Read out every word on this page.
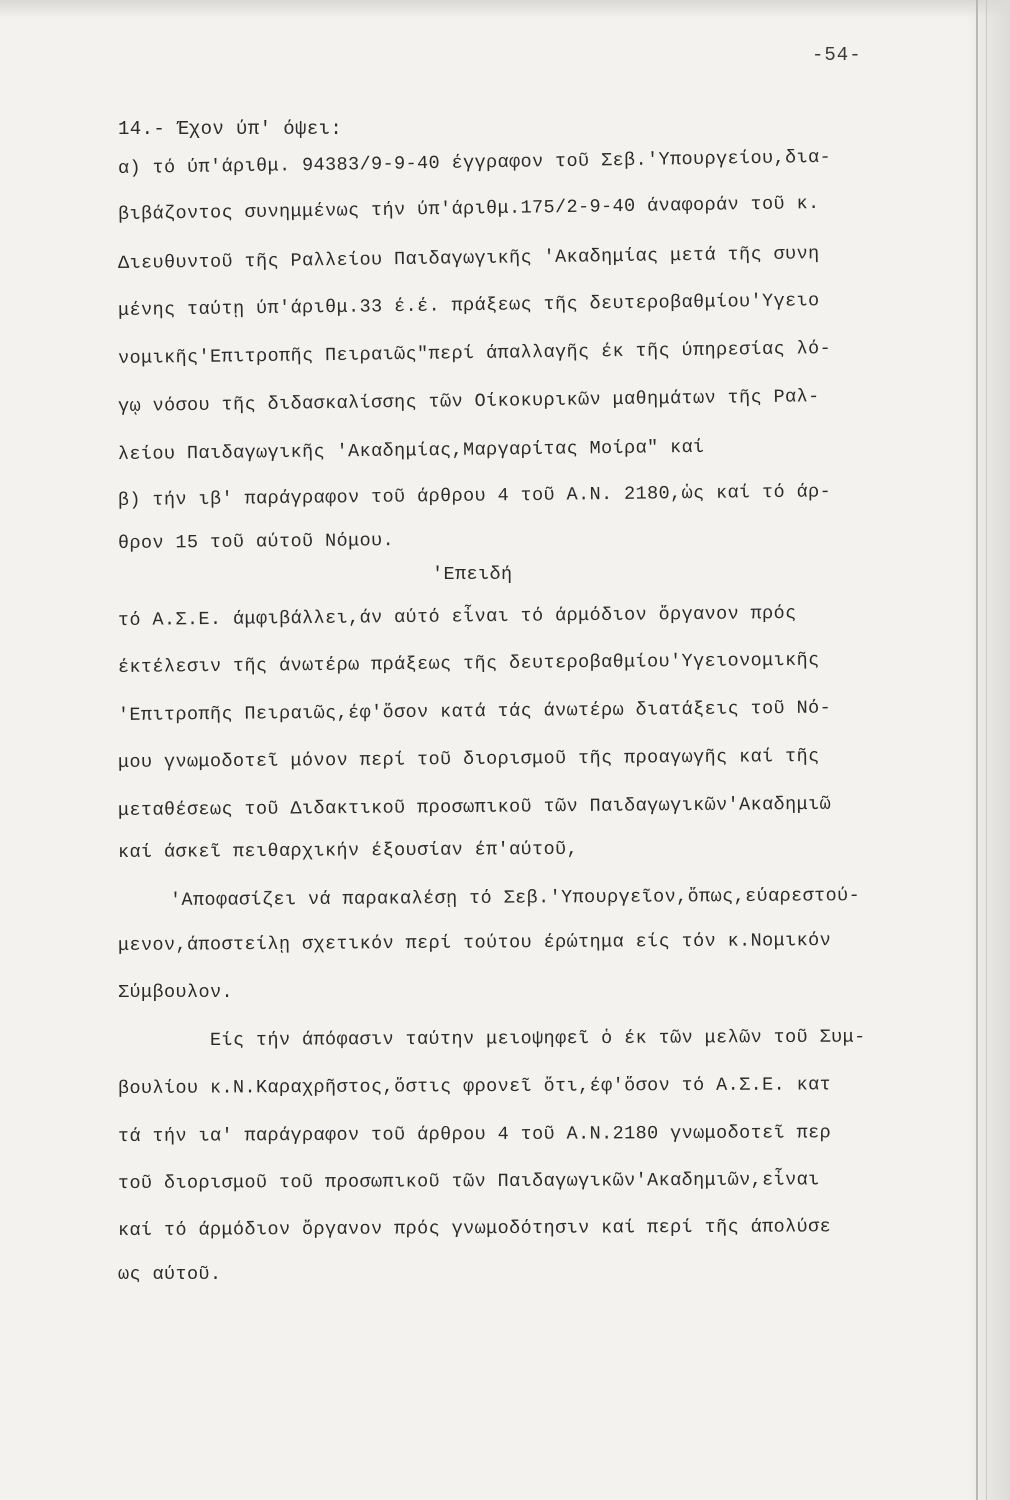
-54-
14.- Έχον ύπ' όψει:
α) τό ύπ'άριθμ. 94383/9-9-40 έγγραφον τοῦ Σεβ.'Υπουργείου,δια-
βιβάζοντος συνημμένως τήν ύπ'άριθμ.175/2-9-40 άναφοράν τοῦ κ.
Διευθυντοῦ τῆς Ραλλείου Παιδαγωγικῆς 'Ακαδημίας μετά τῆς συνη
μένης ταύτῃ ύπ'άριθμ.33 έ.έ. πράξεως τῆς δευτεροβαθμίου'Υγειο
νομικῆς'Επιτροπῆς Πειραιῶς"περί άπαλλαγῆς έκ τῆς ύπηρεσίας λό-
γῳ νόσου τῆς διδασκαλίσσης τῶν Οίκοκυρικῶν μαθημάτων τῆς Ραλ-
λείου Παιδαγωγικῆς 'Ακαδημίας,Μαργαρίτας Μοίρα" καί
β) τήν ιβ' παράγραφον τοῦ άρθρου 4 τοῦ Α.Ν. 2180,ὡς καί τό άρ-
θρον 15 τοῦ αύτοῦ Νόμου.
'Επειδή
τό Α.Σ.Ε. άμφιβάλλει,άν αύτό εἶναι τό άρμόδιον ὄργανον πρός
έκτέλεσιν τῆς άνωτέρω πράξεως τῆς δευτεροβαθμίου'Υγειονομικῆς
'Επιτροπῆς Πειραιῶς,έφ'ὅσον κατά τάς άνωτέρω διατάξεις τοῦ Νό-
μου γνωμοδοτεῖ μόνον περί τοῦ διορισμοῦ τῆς προαγωγῆς καί τῆς
μεταθέσεως τοῦ Διδακτικοῦ προσωπικοῦ τῶν Παιδαγωγικῶν'Ακαδημιῶ
καί άσκεῖ πειθαρχικήν έξουσίαν έπ'αύτοῦ,
'Αποφασίζει νά παρακαλέσῃ τό Σεβ.'Υπουργεῖον,ὅπως,εύαρεστού-
μενον,άποστείλῃ σχετικόν περί τούτου έρώτημα είς τόν κ.Νομικόν
Σύμβουλον.
Είς τήν άπόφασιν ταύτην μειοψηφεῖ ὁ έκ τῶν μελῶν τοῦ Συμ-
βουλίου κ.Ν.Καραχρῆστος,ὅστις φρονεῖ ὅτι,έφ'ὅσον τό Α.Σ.Ε. κατ
τά τήν ια' παράγραφον τοῦ άρθρου 4 τοῦ Α.Ν.2180 γνωμοδοτεῖ περ
τοῦ διορισμοῦ τοῦ προσωπικοῦ τῶν Παιδαγωγικῶν'Ακαδημιῶν,εἶναι
καί τό άρμόδιον ὄργανον πρός γνωμοδότησιν καί περί τῆς άπολύσε
ως αύτοῦ.
